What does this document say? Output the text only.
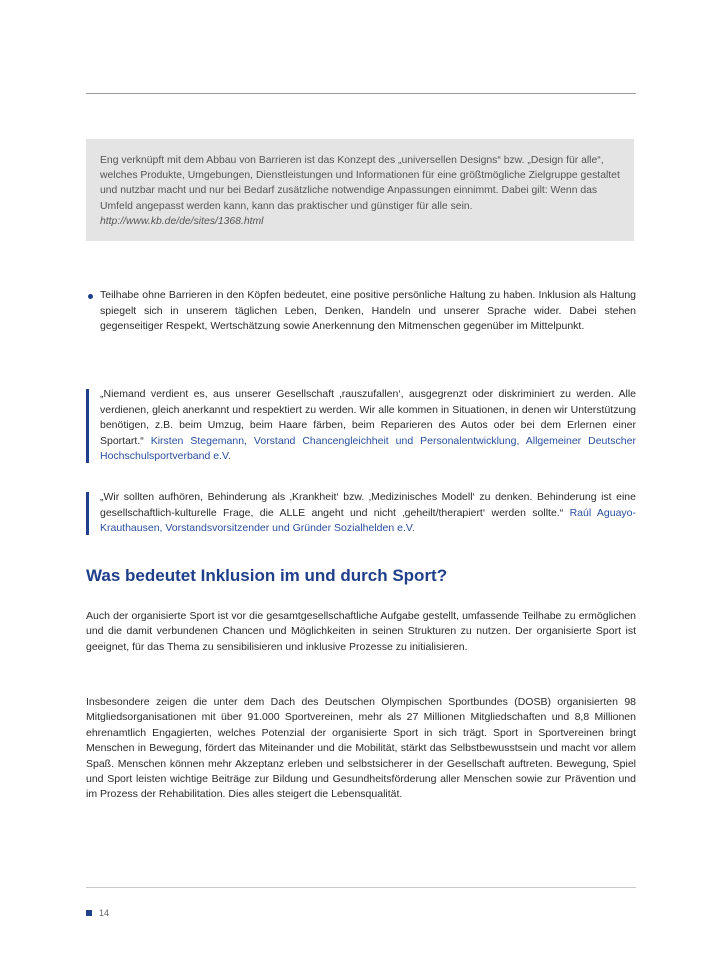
Eng verknüpft mit dem Abbau von Barrieren ist das Konzept des „universellen Designs“ bzw. „Design für alle“, welches Produkte, Umgebungen, Dienstleistungen und Informationen für eine größtmögliche Zielgruppe gestaltet und nutzbar macht und nur bei Bedarf zusätzliche notwendige Anpassungen einnimmt. Dabei gilt: Wenn das Umfeld angepasst werden kann, kann das praktischer und günstiger für alle sein. http://www.kb.de/de/sites/1368.html

Teilhabe ohne Barrieren in den Köpfen bedeutet, eine positive persönliche Haltung zu haben. Inklusion als Haltung spiegelt sich in unserem täglichen Leben, Denken, Handeln und unserer Sprache wider. Dabei stehen gegenseitiger Respekt, Wertschätzung sowie Anerkennung den Mitmenschen gegenüber im Mittelpunkt.

„Niemand verdient es, aus unserer Gesellschaft ‚rauszufallen‘, ausgegrenzt oder diskriminiert zu werden. Alle verdienen, gleich anerkannt und respektiert zu werden. Wir alle kommen in Situationen, in denen wir Unterstützung benötigen, z.B. beim Umzug, beim Haare färben, beim Reparieren des Autos oder bei dem Erlernen einer Sportart.“ Kirsten Stegemann, Vorstand Chancengleichheit und Personalentwicklung, Allgemeiner Deutscher Hochschulsportverband e.V.

„Wir sollten aufhören, Behinderung als ‚Krankheit‘ bzw. ‚Medizinisches Modell‘ zu denken. Behinderung ist eine gesellschaftlich-kulturelle Frage, die ALLE angeht und nicht ‚geheilt/therapiert‘ werden sollte.“ Raúl Aguayo-Krauthausen, Vorstandsvorsitzender und Gründer Sozialhelden e.V.

Was bedeutet Inklusion im und durch Sport?

Auch der organisierte Sport ist vor die gesamtgesellschaftliche Aufgabe gestellt, umfassende Teilhabe zu ermöglichen und die damit verbundenen Chancen und Möglichkeiten in seinen Strukturen zu nutzen. Der organisierte Sport ist geeignet, für das Thema zu sensibilisieren und inklusive Prozesse zu initialisieren.

Insbesondere zeigen die unter dem Dach des Deutschen Olympischen Sportbundes (DOSB) organisierten 98 Mitgliedsorganisationen mit über 91.000 Sportvereinen, mehr als 27 Millionen Mitgliedschaften und 8,8 Millionen ehrenamtlich Engagierten, welches Potenzial der organisierte Sport in sich trägt. Sport in Sportvereinen bringt Menschen in Bewegung, fördert das Miteinander und die Mobilität, stärkt das Selbstbewusstsein und macht vor allem Spaß. Menschen können mehr Akzeptanz erleben und selbstsicherer in der Gesellschaft auftreten. Bewegung, Spiel und Sport leisten wichtige Beiträge zur Bildung und Gesundheitsförderung aller Menschen sowie zur Prävention und im Prozess der Rehabilitation. Dies alles steigert die Lebensqualität.

14
